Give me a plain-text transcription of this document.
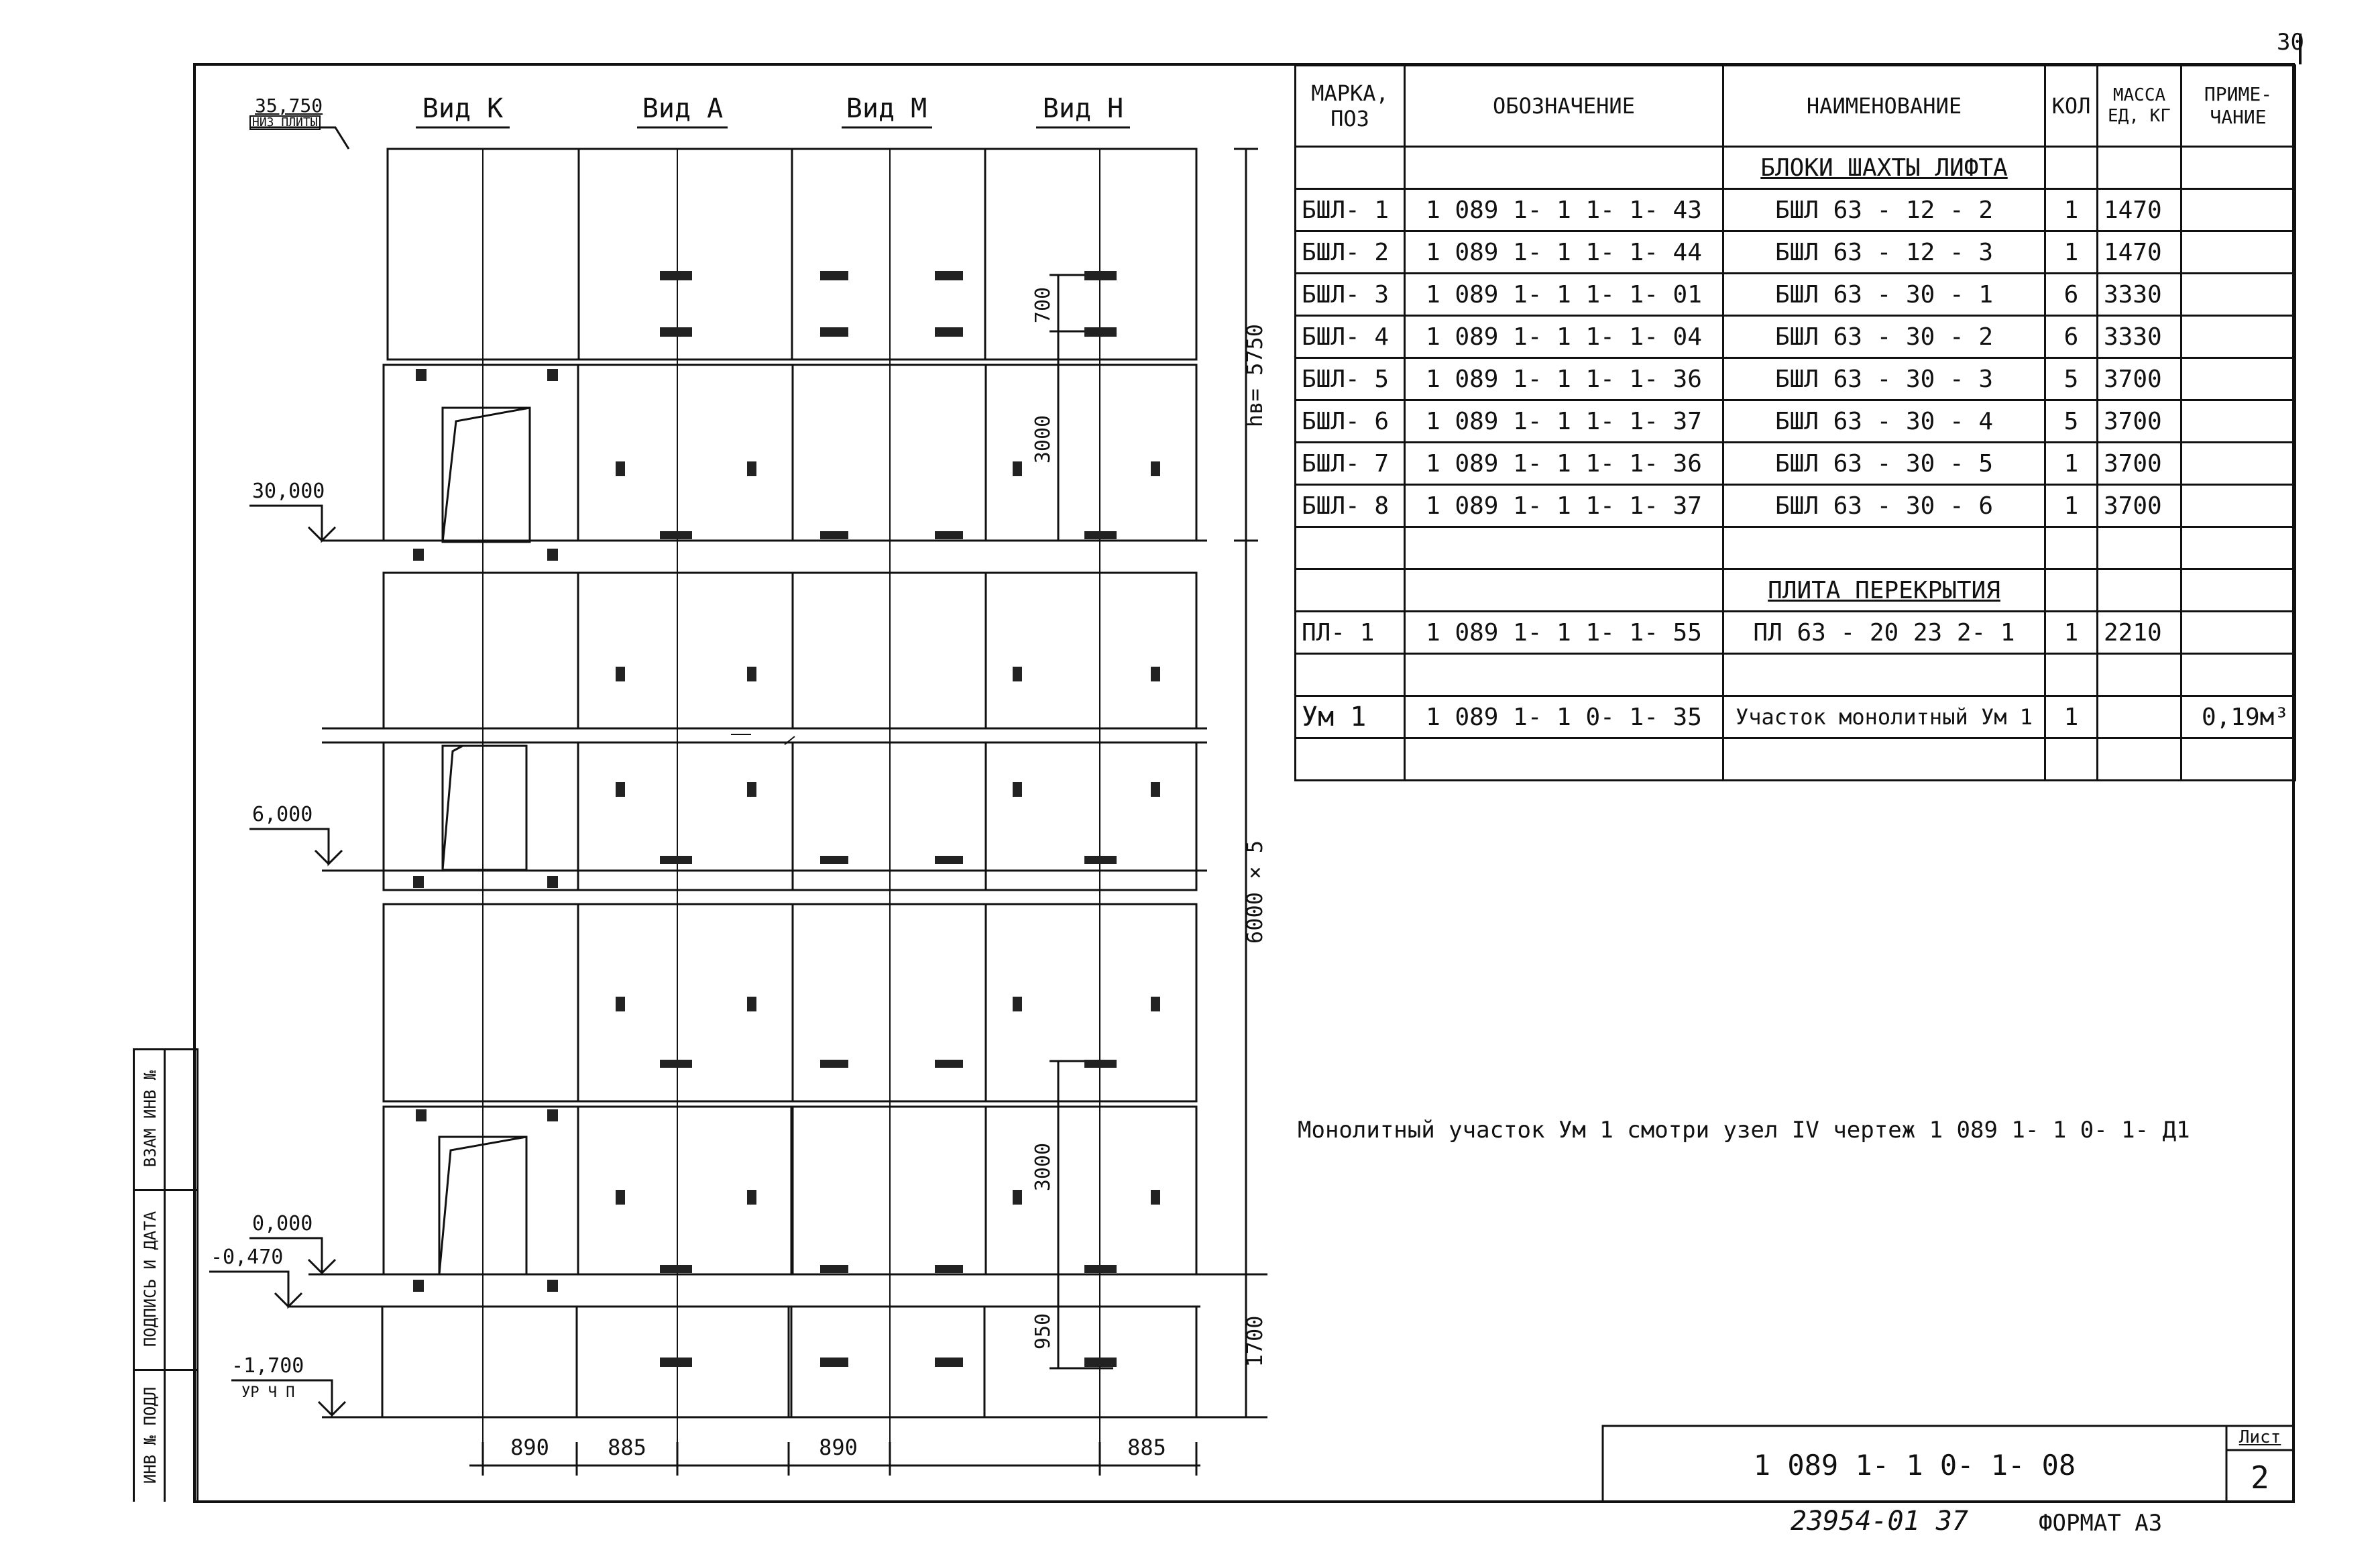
hв= 5750
6000 × 5
1700
700
3000
3000
950
30
Вид К	Вид А	Вид М	Вид Н
35,750
НИЗ ПЛИТЫ
30,000
6,000
0,000
-0,470
-1,700
УР Ч П
890	885	890	885
МАРКА, ПОЗ	ОБОЗНАЧЕНИЕ	НАИМЕНОВАНИЕ	КОЛ	МАССА ЕД, КГ	ПРИМЕ- ЧАНИЕ
		БЛОКИ ШАХТЫ ЛИФТА			
БШЛ- 1	1 089 1- 1 1- 1- 43	БШЛ 63 - 12 - 2	1	1470	
БШЛ- 2	1 089 1- 1 1- 1- 44	БШЛ 63 - 12 - 3	1	1470	
БШЛ- 3	1 089 1- 1 1- 1- 01	БШЛ 63 - 30 - 1	6	3330	
БШЛ- 4	1 089 1- 1 1- 1- 04	БШЛ 63 - 30 - 2	6	3330	
БШЛ- 5	1 089 1- 1 1- 1- 36	БШЛ 63 - 30 - 3	5	3700	
БШЛ- 6	1 089 1- 1 1- 1- 37	БШЛ 63 - 30 - 4	5	3700	
БШЛ- 7	1 089 1- 1 1- 1- 36	БШЛ 63 - 30 - 5	1	3700	
БШЛ- 8	1 089 1- 1 1- 1- 37	БШЛ 63 - 30 - 6	1	3700	

		ПЛИТА ПЕРЕКРЫТИЯ			
ПЛ- 1	1 089 1- 1 1- 1- 55	ПЛ 63 - 20 23 2- 1	1	2210	

Ум 1	1 089 1- 1 0- 1- 35	Участок монолитный Ум 1	1		0,19м³

Монолитный участок Ум 1 смотри узел IV чертеж 1 089 1- 1 0- 1- Д1
1 089 1- 1 0- 1- 08
Лист
2
23954-01 37	ФОРМАТ А3
ИНВ № ПОДЛ
ПОДПИСЬ И ДАТА
ВЗАМ ИНВ №
